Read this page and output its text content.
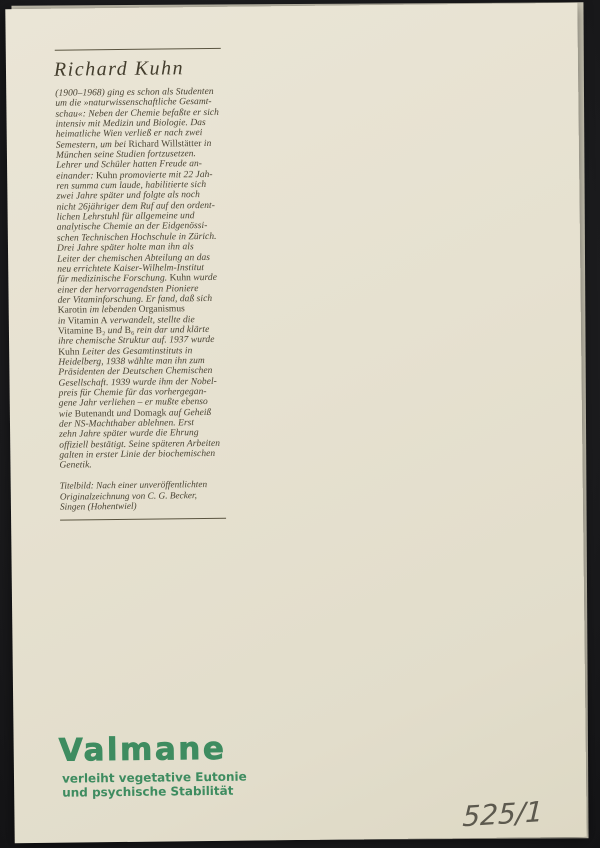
Richard Kuhn
(1900–1968) ging es schon als Studenten
um die »naturwissenschaftliche Gesamt-
schau«: Neben der Chemie befaßte er sich
intensiv mit Medizin und Biologie. Das
heimatliche Wien verließ er nach zwei
Semestern, um bei Richard Willstätter in
München seine Studien fortzusetzen.
Lehrer und Schüler hatten Freude an-
einander: Kuhn promovierte mit 22 Jah-
ren summa cum laude, habilitierte sich
zwei Jahre später und folgte als noch
nicht 26jähriger dem Ruf auf den ordent-
lichen Lehrstuhl für allgemeine und
analytische Chemie an der Eidgenössi-
schen Technischen Hochschule in Zürich.
Drei Jahre später holte man ihn als
Leiter der chemischen Abteilung an das
neu errichtete Kaiser-Wilhelm-Institut
für medizinische Forschung. Kuhn wurde
einer der hervorragendsten Pioniere
der Vitaminforschung. Er fand, daß sich
Karotin im lebenden Organismus
in Vitamin A verwandelt, stellte die
Vitamine B₂ und B₆ rein dar und klärte
ihre chemische Struktur auf. 1937 wurde
Kuhn Leiter des Gesamtinstituts in
Heidelberg, 1938 wählte man ihn zum
Präsidenten der Deutschen Chemischen
Gesellschaft. 1939 wurde ihm der Nobel-
preis für Chemie für das vorhergegan-
gene Jahr verliehen – er mußte ebenso
wie Butenandt und Domagk auf Geheiß
der NS-Machthaber ablehnen. Erst
zehn Jahre später wurde die Ehrung
offiziell bestätigt. Seine späteren Arbeiten
galten in erster Linie der biochemischen
Genetik.
Titelbild: Nach einer unveröffentlichten
Originalzeichnung von C. G. Becker,
Singen (Hohentwiel)
Valmane
verleiht vegetative Eutonie
und psychische Stabilität
525/1
